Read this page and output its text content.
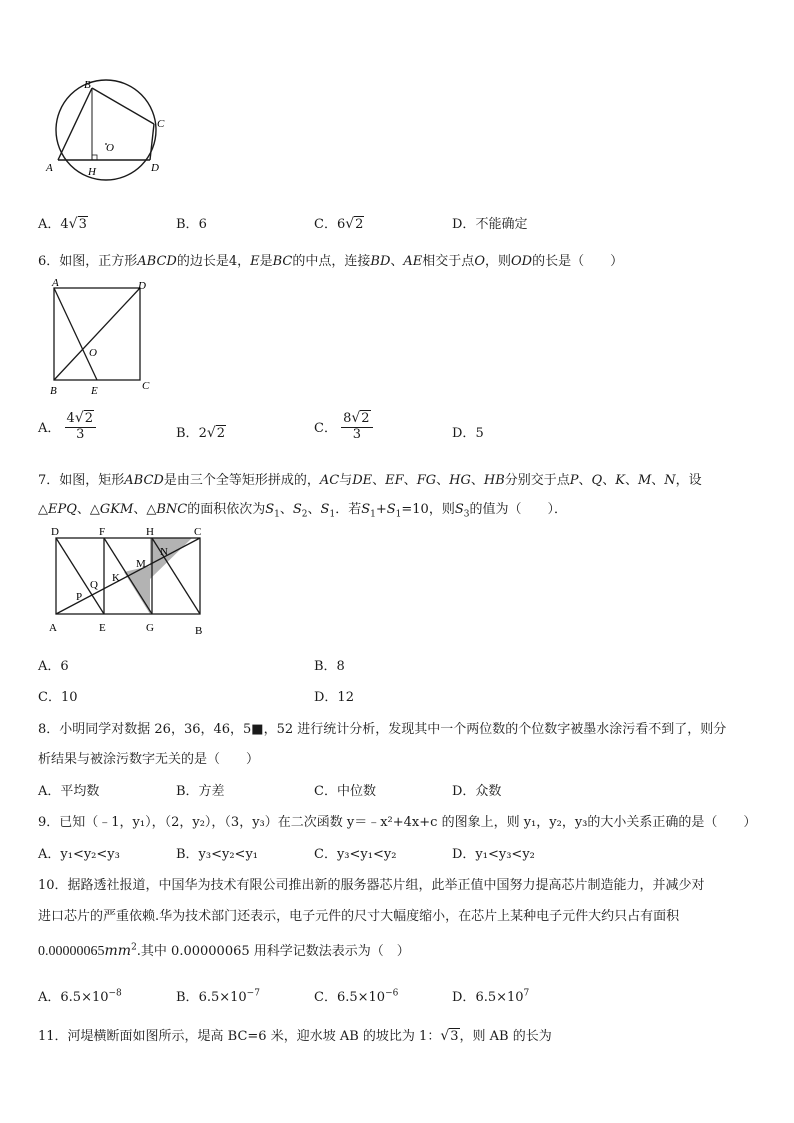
B
C
O
A	H	D
A．4√3	B．6	C．6√2	D．不能确定
6．如图，正方形ABCD的边长是4，E是BC的中点，连接BD、AE相交于点O，则OD的长是（　　）
A	D
O
B	E	C
A． $\frac{4√2}{3}$	B．2√2	C． $\frac{8√2}{3}$	D．5
7．如图，矩形ABCD是由三个全等矩形拼成的，AC与DE、EF、FG、HG、HB分别交于点P、Q、K、M、N，设
△EPQ、△GKM、△BNC的面积依次为$S_1$、$S_2$、$S_1$．若$S_1+S_1=10$，则$S_3$的值为（　　）．
D	F	H	C
N
M
K
Q
P
A	E	G	B
A．6	B．8
C．10	D．12
8．小明同学对数据 26，36，46，5■，52 进行统计分析，发现其中一个两位数的个位数字被墨水涂污看不到了，则分
析结果与被涂污数字无关的是（　　）
A．平均数	B．方差	C．中位数	D．众数
9．已知（﹣1，y₁），（2，y₂），（3，y₃）在二次函数 y＝﹣x²+4x+c 的图象上，则 y₁，y₂，y₃的大小关系正确的是（　　）
A．y₁<y₂<y₃	B．y₃<y₂<y₁	C．y₃<y₁<y₂	D．y₁<y₃<y₂
10．据路透社报道，中国华为技术有限公司推出新的服务器芯片组，此举正值中国努力提高芯片制造能力，并减少对
进口芯片的严重依赖.华为技术部门还表示，电子元件的尺寸大幅度缩小，在芯片上某种电子元件大约只占有面积
$0.00000065mm^2$.其中 0.00000065 用科学记数法表示为（　）
A．$6.5\times 10^{-8}$	B．$6.5\times 10^{-7}$	C．$6.5\times 10^{-6}$	D．$6.5\times 10^7$
11．河堤横断面如图所示，堤高 BC=6 米，迎水坡 AB 的坡比为 1：√3，则 AB 的长为
